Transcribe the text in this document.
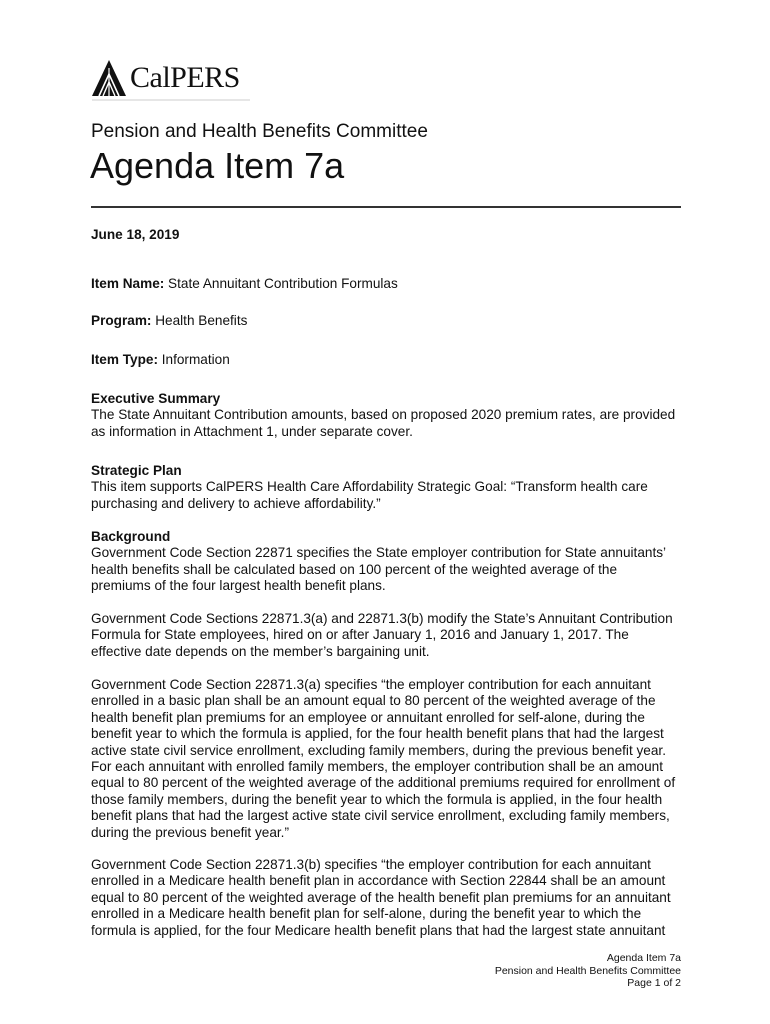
CalPERS
Pension and Health Benefits Committee
Agenda Item 7a
June 18, 2019
Item Name: State Annuitant Contribution Formulas
Program: Health Benefits
Item Type: Information
Executive Summary
The State Annuitant Contribution amounts, based on proposed 2020 premium rates, are provided
as information in Attachment 1, under separate cover.
Strategic Plan
This item supports CalPERS Health Care Affordability Strategic Goal: “Transform health care
purchasing and delivery to achieve affordability.”
Background
Government Code Section 22871 specifies the State employer contribution for State annuitants’
health benefits shall be calculated based on 100 percent of the weighted average of the
premiums of the four largest health benefit plans.
Government Code Sections 22871.3(a) and 22871.3(b) modify the State’s Annuitant Contribution
Formula for State employees, hired on or after January 1, 2016 and January 1, 2017. The
effective date depends on the member’s bargaining unit.
Government Code Section 22871.3(a) specifies “the employer contribution for each annuitant
enrolled in a basic plan shall be an amount equal to 80 percent of the weighted average of the
health benefit plan premiums for an employee or annuitant enrolled for self-alone, during the
benefit year to which the formula is applied, for the four health benefit plans that had the largest
active state civil service enrollment, excluding family members, during the previous benefit year.
For each annuitant with enrolled family members, the employer contribution shall be an amount
equal to 80 percent of the weighted average of the additional premiums required for enrollment of
those family members, during the benefit year to which the formula is applied, in the four health
benefit plans that had the largest active state civil service enrollment, excluding family members,
during the previous benefit year.”
Government Code Section 22871.3(b) specifies “the employer contribution for each annuitant
enrolled in a Medicare health benefit plan in accordance with Section 22844 shall be an amount
equal to 80 percent of the weighted average of the health benefit plan premiums for an annuitant
enrolled in a Medicare health benefit plan for self-alone, during the benefit year to which the
formula is applied, for the four Medicare health benefit plans that had the largest state annuitant
Agenda Item 7a
Pension and Health Benefits Committee
Page 1 of 2
